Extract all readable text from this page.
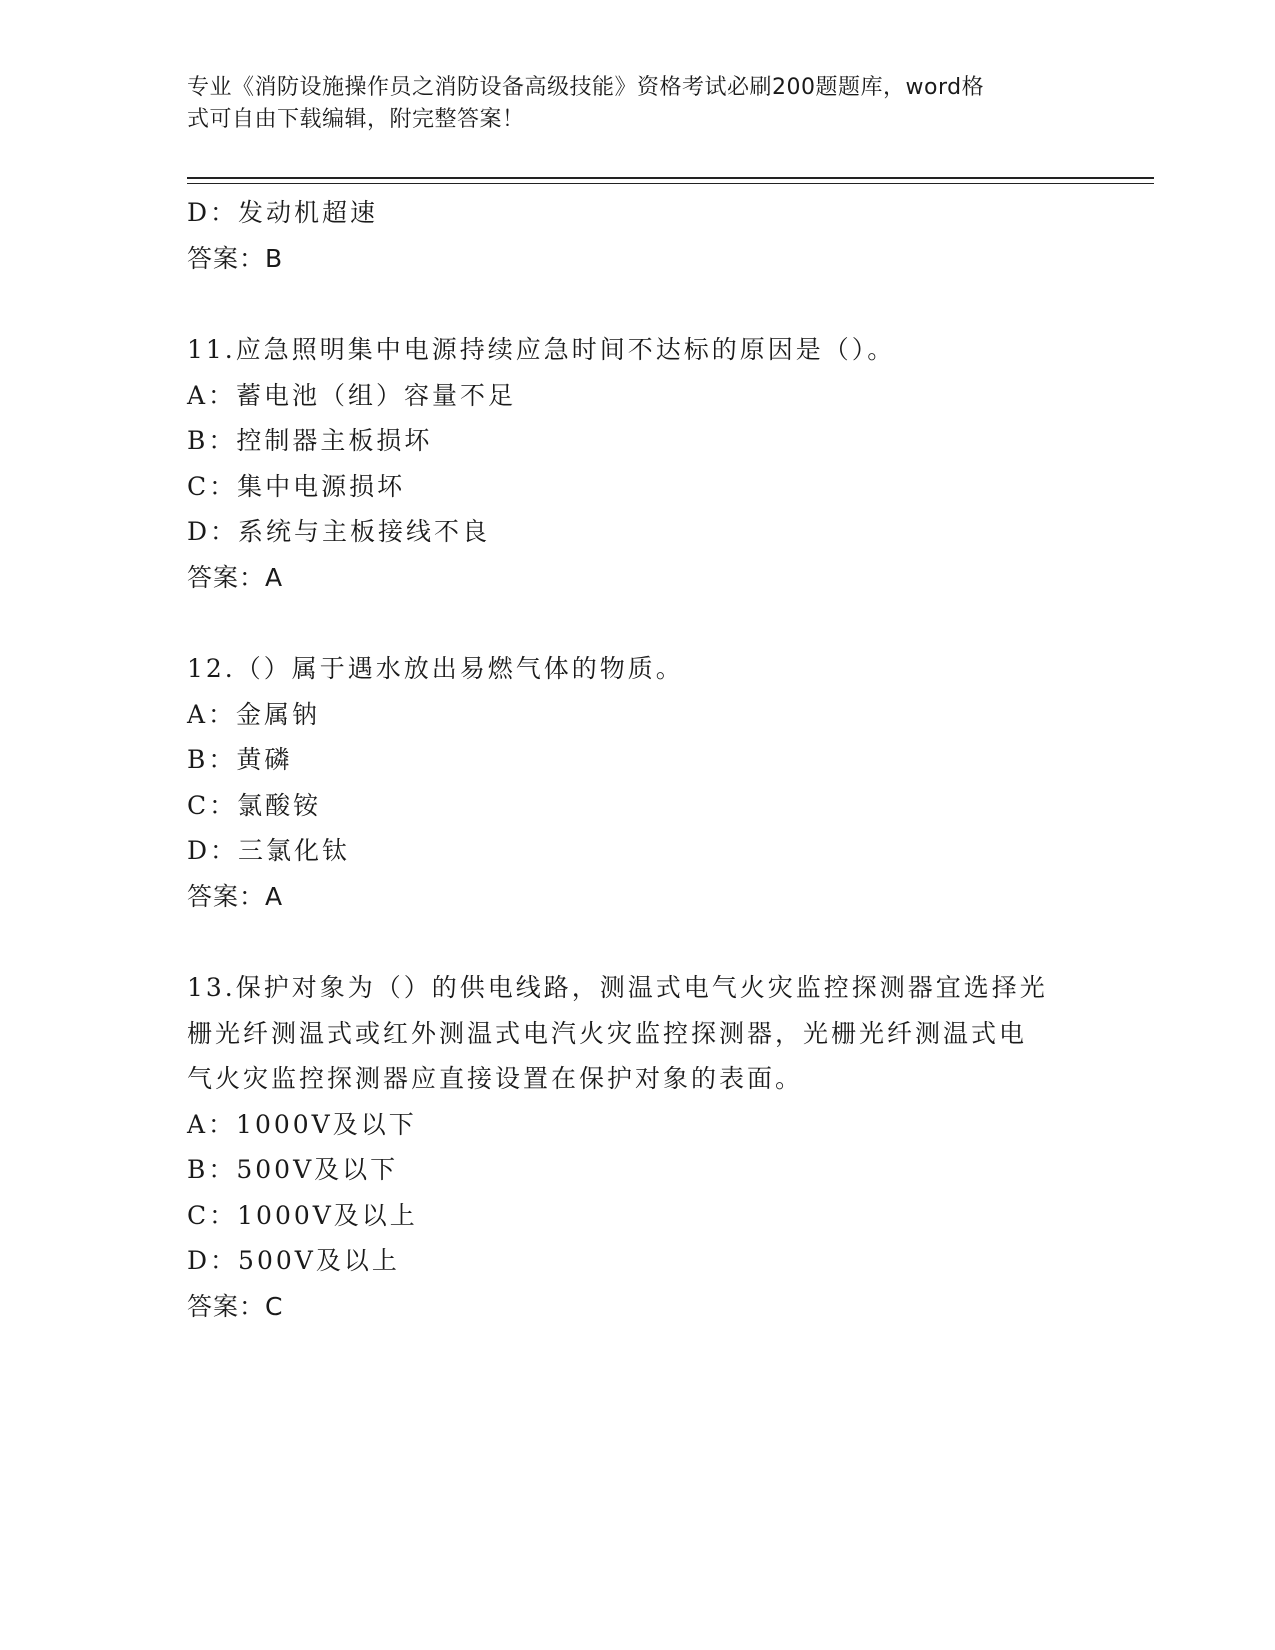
专业《消防设施操作员之消防设备高级技能》资格考试必刷200题题库，word格
式可自由下载编辑，附完整答案！
D：发动机超速
答案：B
11.应急照明集中电源持续应急时间不达标的原因是（）。
A：蓄电池（组）容量不足
B：控制器主板损坏
C：集中电源损坏
D：系统与主板接线不良
答案：A
12.（）属于遇水放出易燃气体的物质。
A：金属钠
B：黄磷
C：氯酸铵
D：三氯化钛
答案：A
13.保护对象为（）的供电线路，测温式电气火灾监控探测器宜选择光
栅光纤测温式或红外测温式电汽火灾监控探测器，光栅光纤测温式电
气火灾监控探测器应直接设置在保护对象的表面。
A：1000V及以下
B：500V及以下
C：1000V及以上
D：500V及以上
答案：C
